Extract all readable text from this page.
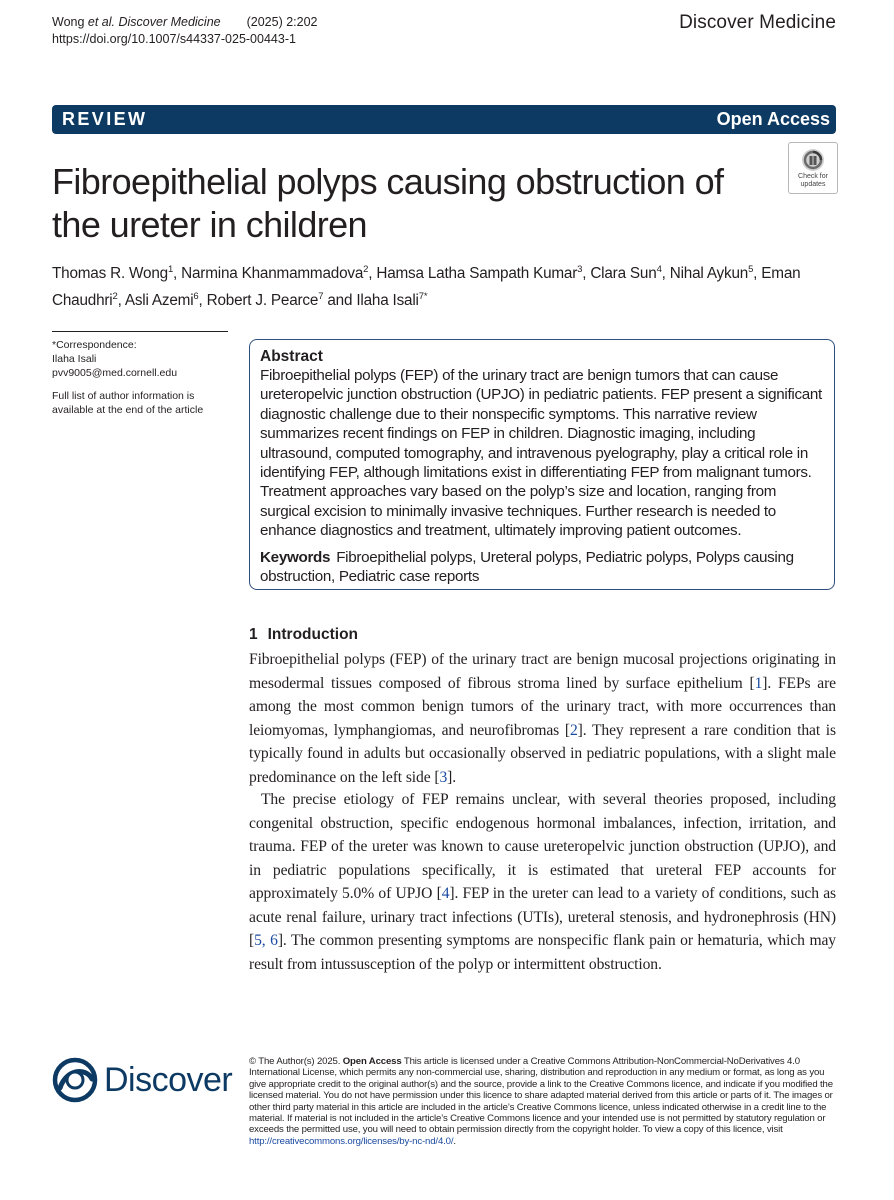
Wong et al. Discover Medicine (2025) 2:202
https://doi.org/10.1007/s44337-025-00443-1
Discover Medicine
REVIEW	Open Access
Check for
updates
Fibroepithelial polyps causing obstruction of the ureter in children
Thomas R. Wong$^1$, Narmina Khanmammadova$^2$, Hamsa Latha Sampath Kumar$^3$, Clara Sun$^4$, Nihal Aykun$^5$, Eman Chaudhri$^2$, Asli Azemi$^6$, Robert J. Pearce$^7$ and Ilaha Isali$^{7*}$
*Correspondence:
Ilaha Isali
pvv9005@med.cornell.edu
Full list of author information is
available at the end of the article
Abstract

Fibroepithelial polyps (FEP) of the urinary tract are benign tumors that can cause ureteropelvic junction obstruction (UPJO) in pediatric patients. FEP present a significant diagnostic challenge due to their nonspecific symptoms. This narrative review summarizes recent findings on FEP in children. Diagnostic imaging, including ultrasound, computed tomography, and intravenous pyelography, play a critical role in identifying FEP, although limitations exist in differentiating FEP from malignant tumors. Treatment approaches vary based on the polyp’s size and location, ranging from surgical excision to minimally invasive techniques. Further research is needed to enhance diagnostics and treatment, ultimately improving patient outcomes.

Keywords Fibroepithelial polyps, Ureteral polyps, Pediatric polyps, Polyps causing obstruction, Pediatric case reports

1 Introduction

Fibroepithelial polyps (FEP) of the urinary tract are benign mucosal projections originating in mesodermal tissues composed of fibrous stroma lined by surface epithelium [1]. FEPs are among the most common benign tumors of the urinary tract, with more occurrences than leiomyomas, lymphangiomas, and neurofibromas [2]. They represent a rare condition that is typically found in adults but occasionally observed in pediatric populations, with a slight male predominance on the left side [3].

The precise etiology of FEP remains unclear, with several theories proposed, including congenital obstruction, specific endogenous hormonal imbalances, infection, irritation, and trauma. FEP of the ureter was known to cause ureteropelvic junction obstruction (UPJO), and in pediatric populations specifically, it is estimated that ureteral FEP accounts for approximately 5.0% of UPJO [4]. FEP in the ureter can lead to a variety of conditions, such as acute renal failure, urinary tract infections (UTIs), ureteral stenosis, and hydronephrosis (HN) [5, 6]. The common presenting symptoms are nonspecific flank pain or hematuria, which may result from intussusception of the polyp or intermittent obstruction.

Discover © The Author(s) 2025. Open Access This article is licensed under a Creative Commons Attribution-NonCommercial-NoDerivatives 4.0 International License, which permits any non-commercial use, sharing, distribution and reproduction in any medium or format, as long as you give appropriate credit to the original author(s) and the source, provide a link to the Creative Commons licence, and indicate if you modified the licensed material. You do not have permission under this licence to share adapted material derived from this article or parts of it. The images or other third party material in this article are included in the article’s Creative Commons licence, unless indicated otherwise in a credit line to the material. If material is not included in the article’s Creative Commons licence and your intended use is not permitted by statutory regulation or exceeds the permitted use, you will need to obtain permission directly from the copyright holder. To view a copy of this licence, visit http://creativecommons.org/licenses/by-nc-nd/4.0/.
